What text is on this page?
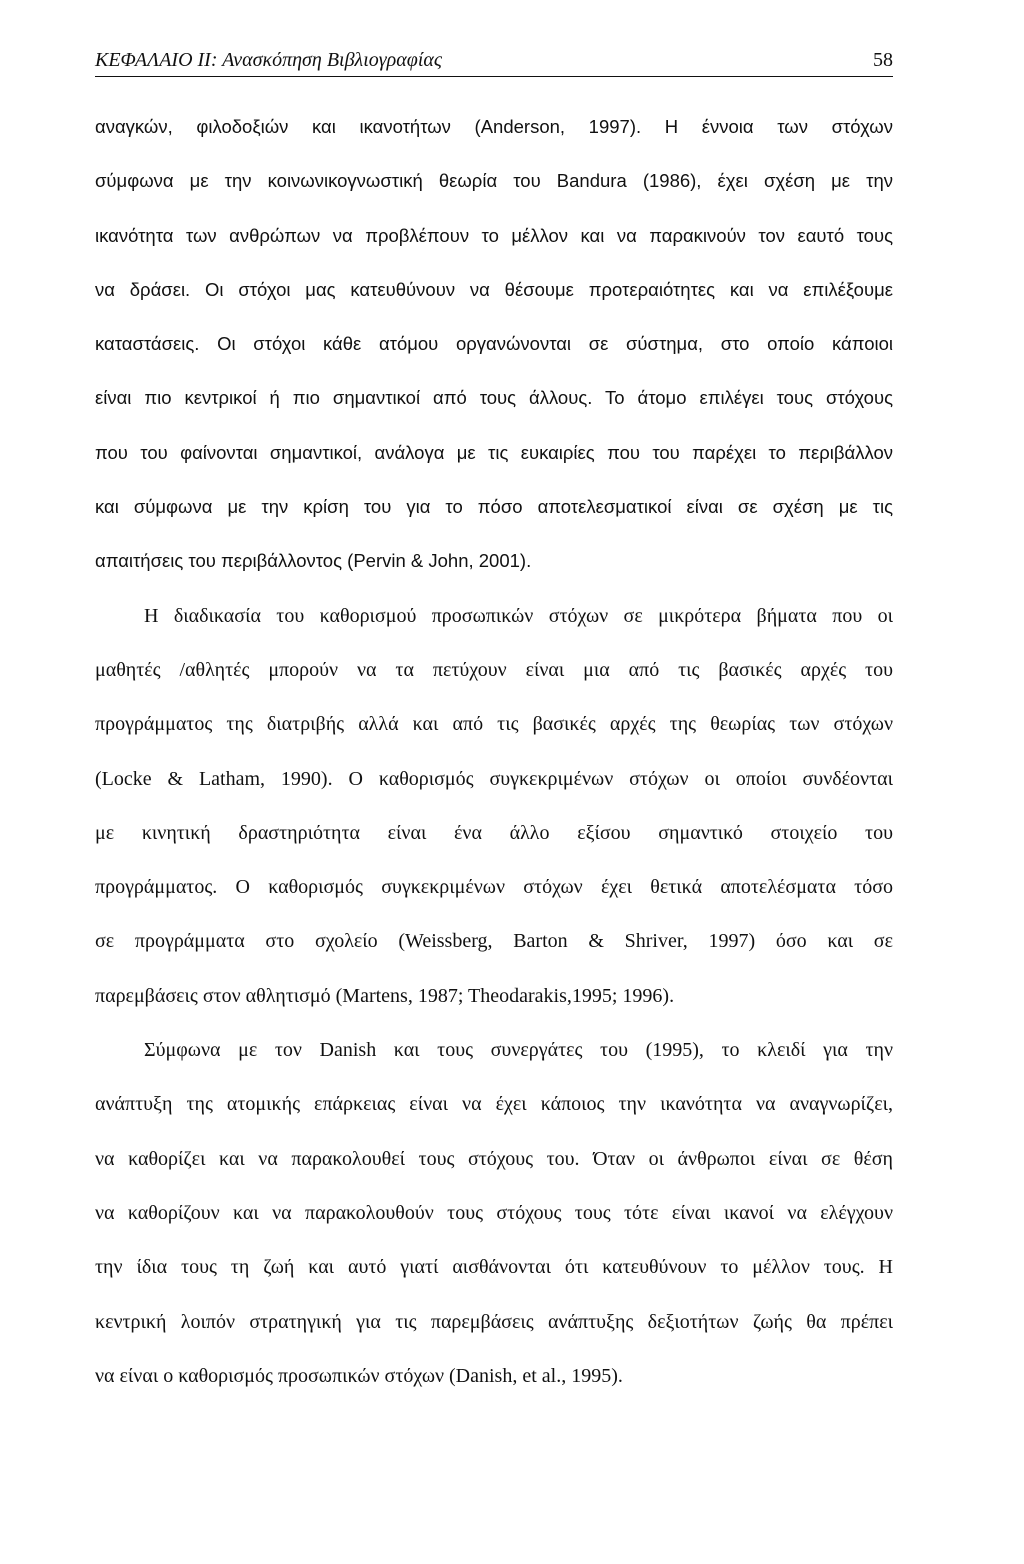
ΚΕΦΑΛΑΙΟ ΙΙ: Ανασκόπηση Βιβλιογραφίας	58
αναγκών, φιλοδοξιών και ικανοτήτων (Anderson, 1997). Η έννοια των στόχων
σύμφωνα με την κοινωνικογνωστική θεωρία του Bandura (1986), έχει σχέση με την
ικανότητα των ανθρώπων να προβλέπουν το μέλλον και να παρακινούν τον εαυτό τους
να δράσει. Οι στόχοι μας κατευθύνουν να θέσουμε προτεραιότητες και να επιλέξουμε
καταστάσεις. Οι στόχοι κάθε ατόμου οργανώνονται σε σύστημα, στο οποίο κάποιοι
είναι πιο κεντρικοί ή πιο σημαντικοί από τους άλλους. Το άτομο επιλέγει τους στόχους
που του φαίνονται σημαντικοί, ανάλογα με τις ευκαιρίες που του παρέχει το περιβάλλον
και σύμφωνα με την κρίση του για το πόσο αποτελεσματικοί είναι σε σχέση με τις
απαιτήσεις του περιβάλλοντος (Pervin & John, 2001).
Η διαδικασία του καθορισμού προσωπικών στόχων σε μικρότερα βήματα που οι
μαθητές /αθλητές μπορούν να τα πετύχουν είναι μια από τις βασικές αρχές του
προγράμματος της διατριβής αλλά και από τις βασικές αρχές της θεωρίας των στόχων
(Locke & Latham, 1990). Ο καθορισμός συγκεκριμένων στόχων οι οποίοι συνδέονται
με κινητική δραστηριότητα είναι ένα άλλο εξίσου σημαντικό στοιχείο του
προγράμματος. Ο καθορισμός συγκεκριμένων στόχων έχει θετικά αποτελέσματα τόσο
σε προγράμματα στο σχολείο (Weissberg, Barton & Shriver, 1997) όσο και σε
παρεμβάσεις στον αθλητισμό (Martens, 1987; Theodarakis,1995; 1996).
Σύμφωνα με τον Danish και τους συνεργάτες του (1995), το κλειδί για την
ανάπτυξη της ατομικής επάρκειας είναι να έχει κάποιος την ικανότητα να αναγνωρίζει,
να καθορίζει και να παρακολουθεί τους στόχους του. Όταν οι άνθρωποι είναι σε θέση
να καθορίζουν και να παρακολουθούν τους στόχους τους τότε είναι ικανοί να ελέγχουν
την ίδια τους τη ζωή και αυτό γιατί αισθάνονται ότι κατευθύνουν το μέλλον τους. Η
κεντρική λοιπόν στρατηγική για τις παρεμβάσεις ανάπτυξης δεξιοτήτων ζωής θα πρέπει
να είναι ο καθορισμός προσωπικών στόχων (Danish, et al., 1995).
